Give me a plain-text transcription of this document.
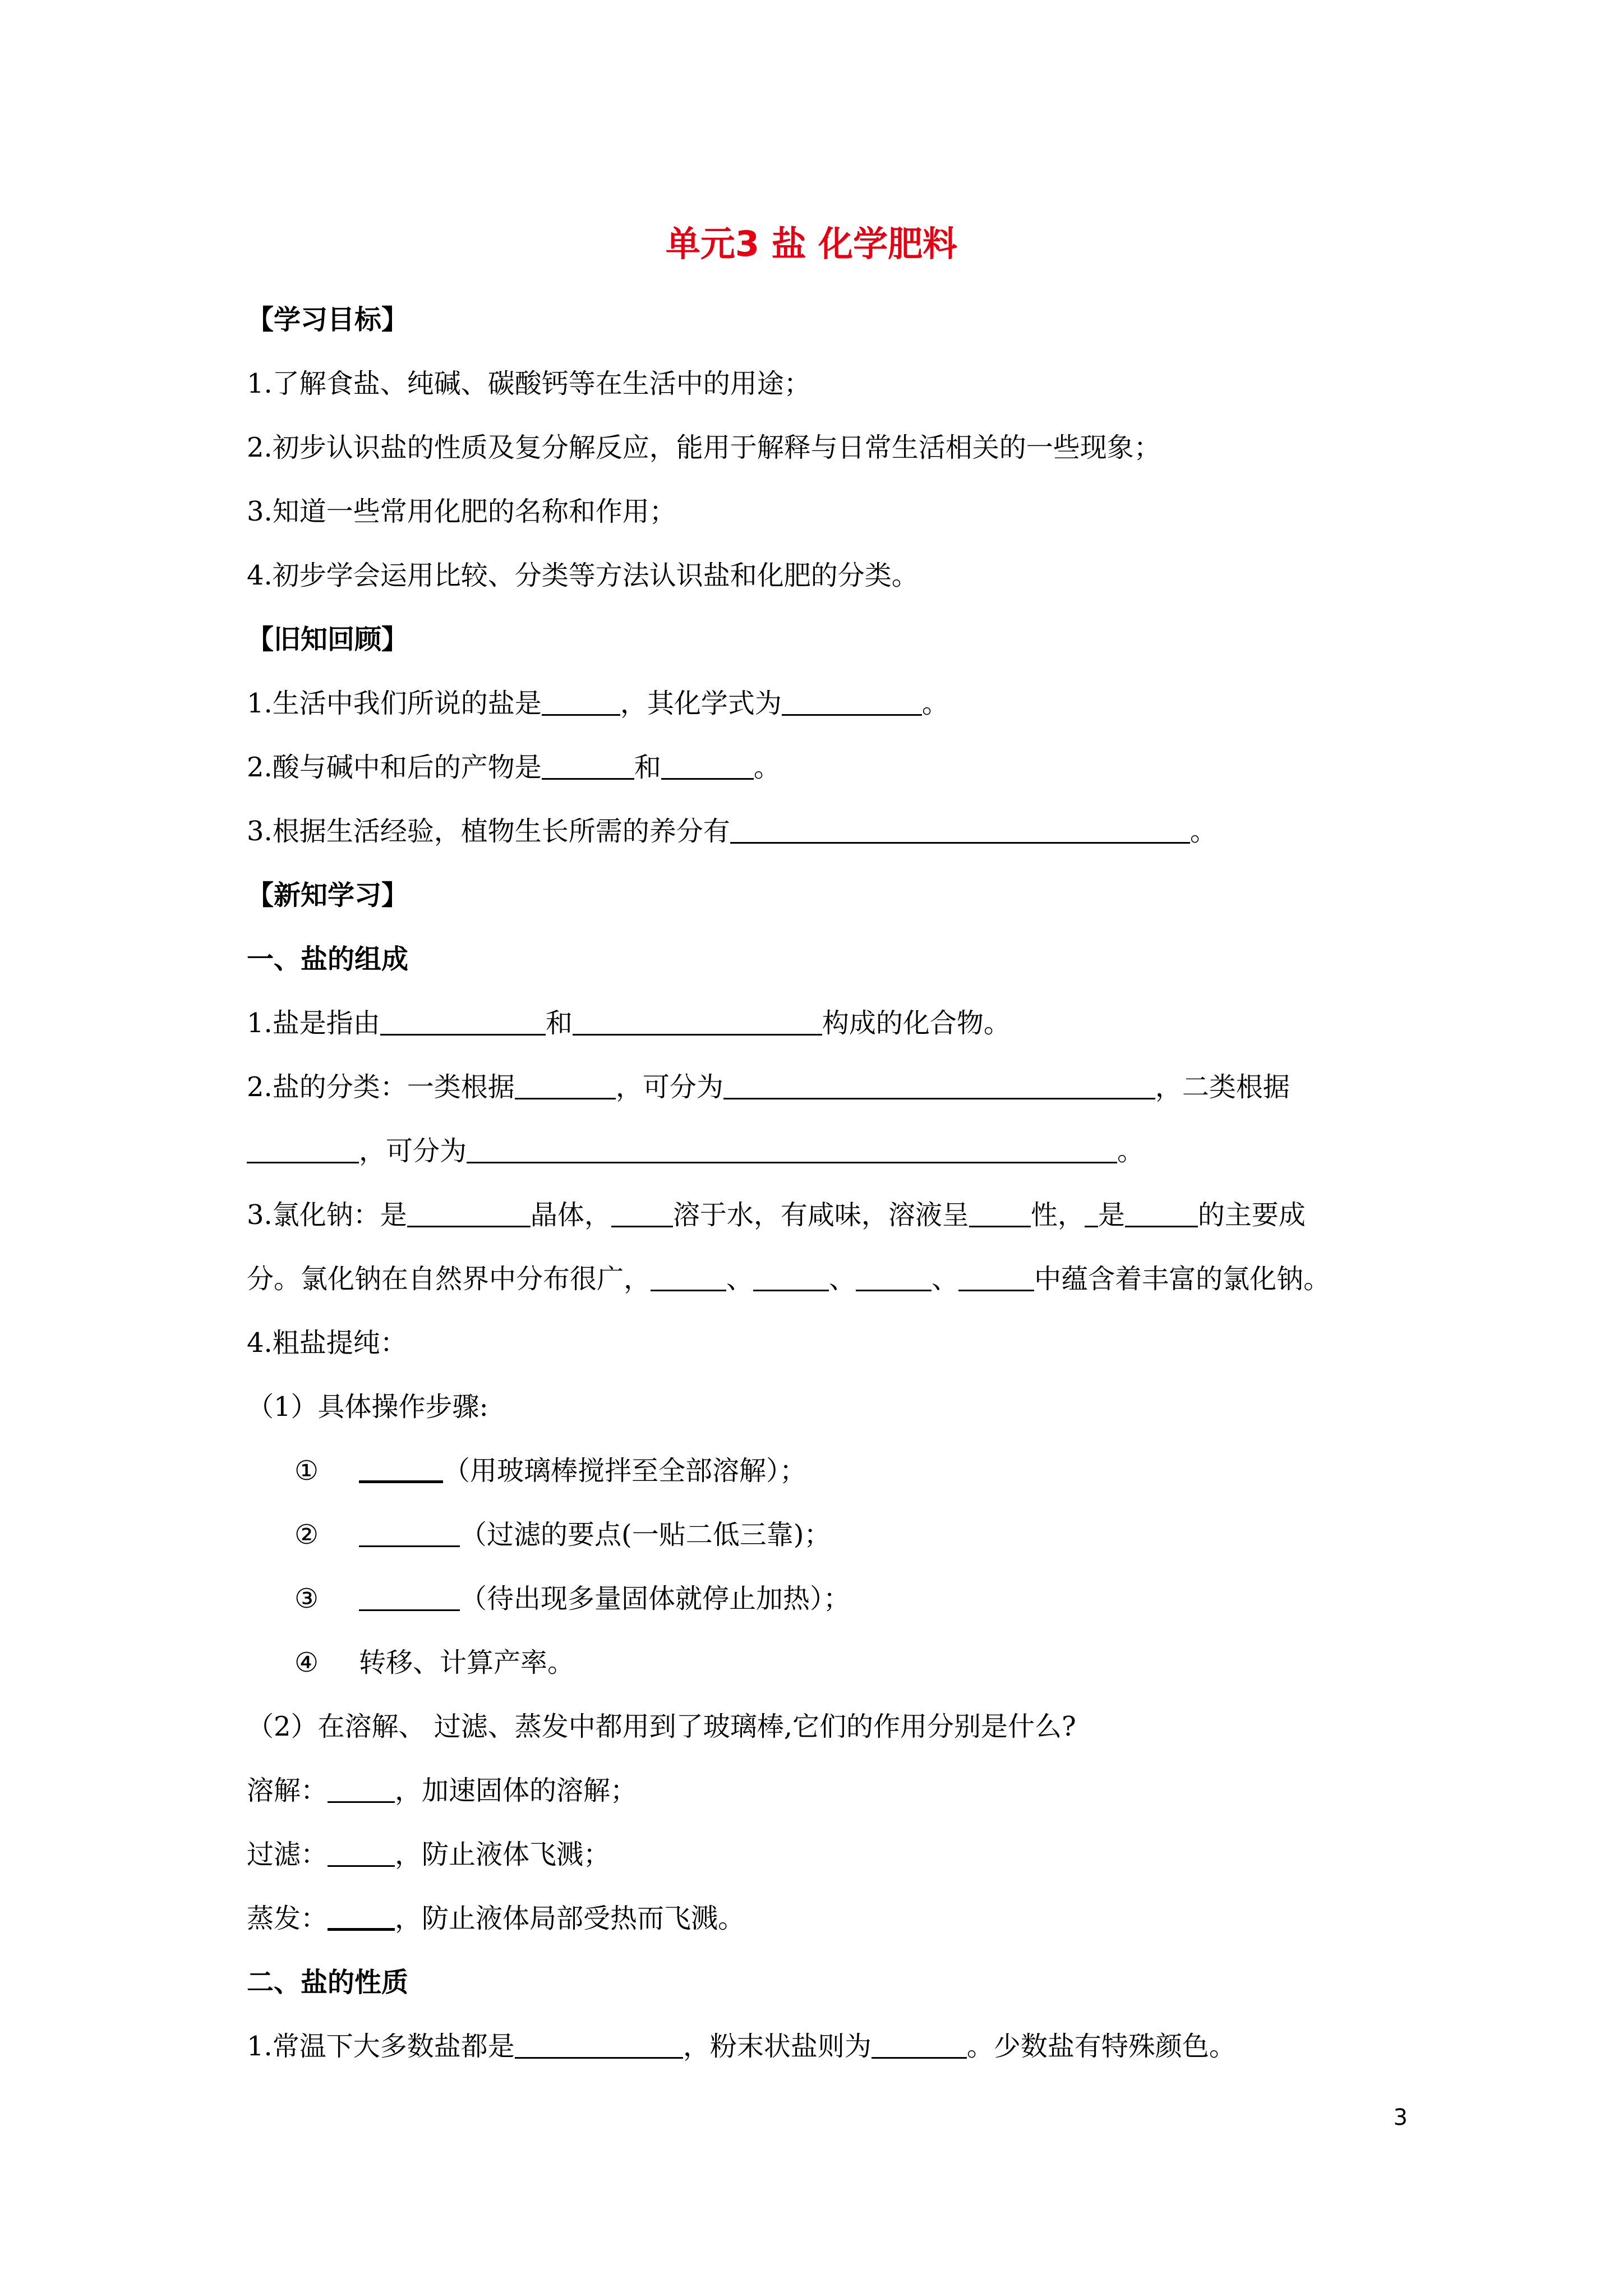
单元3 盐 化学肥料
【学习目标】
1.了解食盐、纯碱、碳酸钙等在生活中的用途；
2.初步认识盐的性质及复分解反应，能用于解释与日常生活相关的一些现象；
3.知道一些常用化肥的名称和作用；
4.初步学会运用比较、分类等方法认识盐和化肥的分类。
【旧知回顾】
1.生活中我们所说的盐是	，其化学式为	。
2.酸与碱中和后的产物是	和	。
3.根据生活经验，植物生长所需的养分有	。
【新知学习】
一、盐的组成
1.盐是指由	和	构成的化合物。
2.盐的分类：一类根据	，可分为	，二类根据
，可分为	。
3.氯化钠：是	晶体， 溶于水，有咸味，溶液呈 性， 是	的主要成
分。氯化钠在自然界中分布很广，	、	、	、	中蕴含着丰富的氯化钠。
4.粗盐提纯：
（1）具体操作步骤:
①	（用玻璃棒搅拌至全部溶解）；
②	（过滤的要点(一贴二低三靠)；
③	（待出现多量固体就停止加热）；
④ 转移、计算产率。
（2）在溶解、 过滤、蒸发中都用到了玻璃棒,它们的作用分别是什么?
溶解：	，加速固体的溶解；
过滤：	，防止液体飞溅；
蒸发：	，防止液体局部受热而飞溅。
二、盐的性质
1.常温下大多数盐都是	，粉末状盐则为	。少数盐有特殊颜色。
3
